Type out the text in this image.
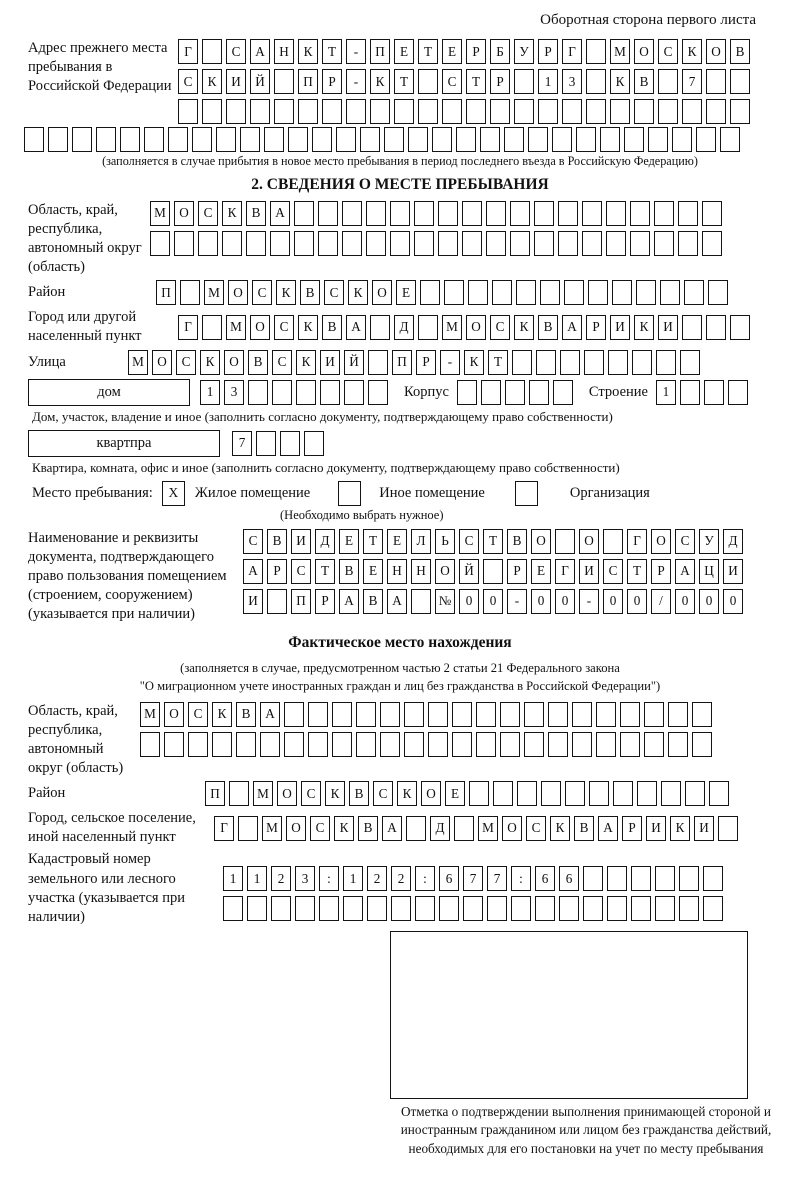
Оборотная сторона первого листа
Адрес прежнего места пребывания в Российской Федерации
Г	С	А	Н	К	Т	-	П	Е	Т	Е	Р	Б	У	Р	Г	М	О	С	К	О	В
С	К	И	Й	П	Р	-	К	Т	С	Т	Р	1	3	К	В	7
(заполняется в случае прибытия в новое место пребывания в период последнего въезда в Российскую Федерацию)
2. СВЕДЕНИЯ О МЕСТЕ ПРЕБЫВАНИЯ
Область, край, республика, автономный округ (область)
М	О	С	К	В	А
Район	П	М	О	С	К	В	С	К	О	Е
Город или другой населенный пункт
Г	М	О	С	К	В	А	Д	М	О	С	К	В	А	Р	И	К	И
Улица	М	О	С	К	О	В	С	К	И	Й	П	Р	-	К	Т
дом	1	3	Корпус	Строение	1
Дом, участок, владение и иное (заполнить согласно документу, подтверждающему право собственности)
квартпра	7
Квартира, комната, офис и иное (заполнить согласно документу, подтверждающему право собственности)
Место пребывания:	X	Жилое помещение	Иное помещение	Организация
(Необходимо выбрать нужное)
Наименование и реквизиты документа, подтверждающего право пользования помещением (строением, сооружением) (указывается при наличии)
С	В	И	Д	Е	Т	Е	Л	Ь	С	Т	В	О	О	Г	О	С	У	Д
А	Р	С	Т	В	Е	Н	Н	О	Й	Р	Е	Г	И	С	Т	Р	А	Ц	И
И	П	Р	А	В	А	№	0	0	-	0	0	-	0	0	/	0	0	0
Фактическое место нахождения
(заполняется в случае, предусмотренном частью 2 статьи 21 Федерального закона
"О миграционном учете иностранных граждан и лиц без гражданства в Российской Федерации")
Область, край, республика, автономный округ (область)
М	О	С	К	В	А
Район	П	М	О	С	К	В	С	К	О	Е
Город, сельское поселение, иной населенный пункт
Г	М	О	С	К	В	А	Д	М	О	С	К	В	А	Р	И	К	И
Кадастровый номер земельного или лесного участка (указывается при наличии)
1	1	2	3	:	1	2	2	:	6	7	7	:	6	6
Отметка о подтверждении выполнения принимающей стороной и иностранным гражданином или лицом без гражданства действий, необходимых для его постановки на учет по месту пребывания
